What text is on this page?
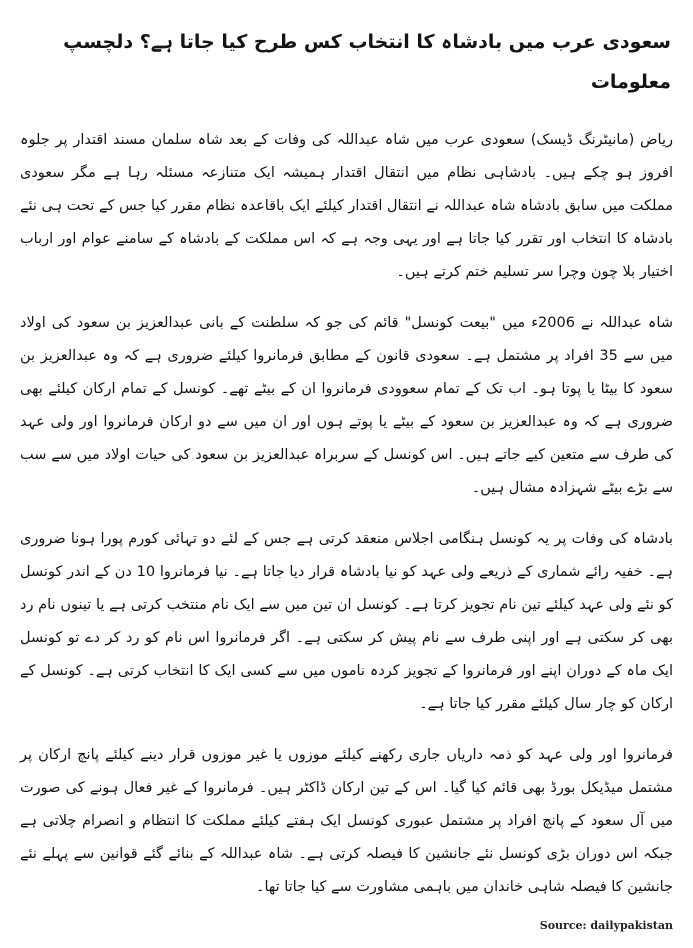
سعودی عرب میں بادشاہ کا انتخاب کس طرح کیا جاتا ہے؟ دلچسپ معلومات

ریاض (مانیٹرنگ ڈیسک) سعودی عرب میں شاہ عبداللہ کی وفات کے بعد شاہ سلمان مسند اقتدار پر جلوہ افروز ہو چکے ہیں۔ بادشاہی نظام میں انتقال اقتدار ہمیشہ ایک متنازعہ مسئلہ رہا ہے مگر سعودی مملکت میں سابق بادشاہ شاہ عبداللہ نے انتقال اقتدار کیلئے ایک باقاعدہ نظام مقرر کیا جس کے تحت ہی نئے بادشاہ کا انتخاب اور تقرر کیا جاتا ہے اور یہی وجہ ہے کہ اس مملکت کے بادشاہ کے سامنے عوام اور ارباب اختیار بلا چون وچرا سر تسلیم ختم کرتے ہیں۔

شاہ عبداللہ نے 2006ء میں "بیعت کونسل" قائم کی جو کہ سلطنت کے بانی عبدالعزیز بن سعود کی اولاد میں سے 35 افراد پر مشتمل ہے۔ سعودی قانون کے مطابق فرمانروا کیلئے ضروری ہے کہ وہ عبدالعزیز بن سعود کا بیٹا یا پوتا ہو۔ اب تک کے تمام سعوودی فرمانروا ان کے بیٹے تھے۔ کونسل کے تمام ارکان کیلئے بھی ضروری ہے کہ وہ عبدالعزیز بن سعود کے بیٹے یا پوتے ہوں اور ان میں سے دو ارکان فرمانروا اور ولی عہد کی طرف سے متعین کیے جاتے ہیں۔ اس کونسل کے سربراہ عبدالعزیز بن سعود کی حیات اولاد میں سے سب سے بڑے بیٹے شہزادہ مشال ہیں۔

بادشاہ کی وفات پر یہ کونسل ہنگامی اجلاس منعقد کرتی ہے جس کے لئے دو تہائی کورم پورا ہونا ضروری ہے۔ خفیہ رائے شماری کے ذریعے ولی عہد کو نیا بادشاہ قرار دیا جاتا ہے۔ نیا فرمانروا 10 دن کے اندر کونسل کو نئے ولی عہد کیلئے تین نام تجویز کرتا ہے۔ کونسل ان تین میں سے ایک نام منتخب کرتی ہے یا تینوں نام رد بھی کر سکتی ہے اور اپنی طرف سے نام پیش کر سکتی ہے۔ اگر فرمانروا اس نام کو رد کر دے تو کونسل ایک ماہ کے دوران اپنے اور فرمانروا کے تجویز کردہ ناموں میں سے کسی ایک کا انتخاب کرتی ہے۔ کونسل کے ارکان کو چار سال کیلئے مقرر کیا جاتا ہے۔

فرمانروا اور ولی عہد کو ذمہ داریاں جاری رکھنے کیلئے موزوں یا غیر موزوں قرار دینے کیلئے پانچ ارکان پر مشتمل میڈیکل بورڈ بھی قائم کیا گیا۔ اس کے تین ارکان ڈاکٹر ہیں۔ فرمانروا کے غیر فعال ہونے کی صورت میں آل سعود کے پانچ افراد پر مشتمل عبوری کونسل ایک ہفتے کیلئے مملکت کا انتظام و انصرام چلاتی ہے جبکہ اس دوران بڑی کونسل نئے جانشین کا فیصلہ کرتی ہے۔ شاہ عبداللہ کے بنائے گئے قوانین سے پہلے نئے جانشین کا فیصلہ شاہی خاندان میں باہمی مشاورت سے کیا جاتا تھا۔

Source: dailypakistan
